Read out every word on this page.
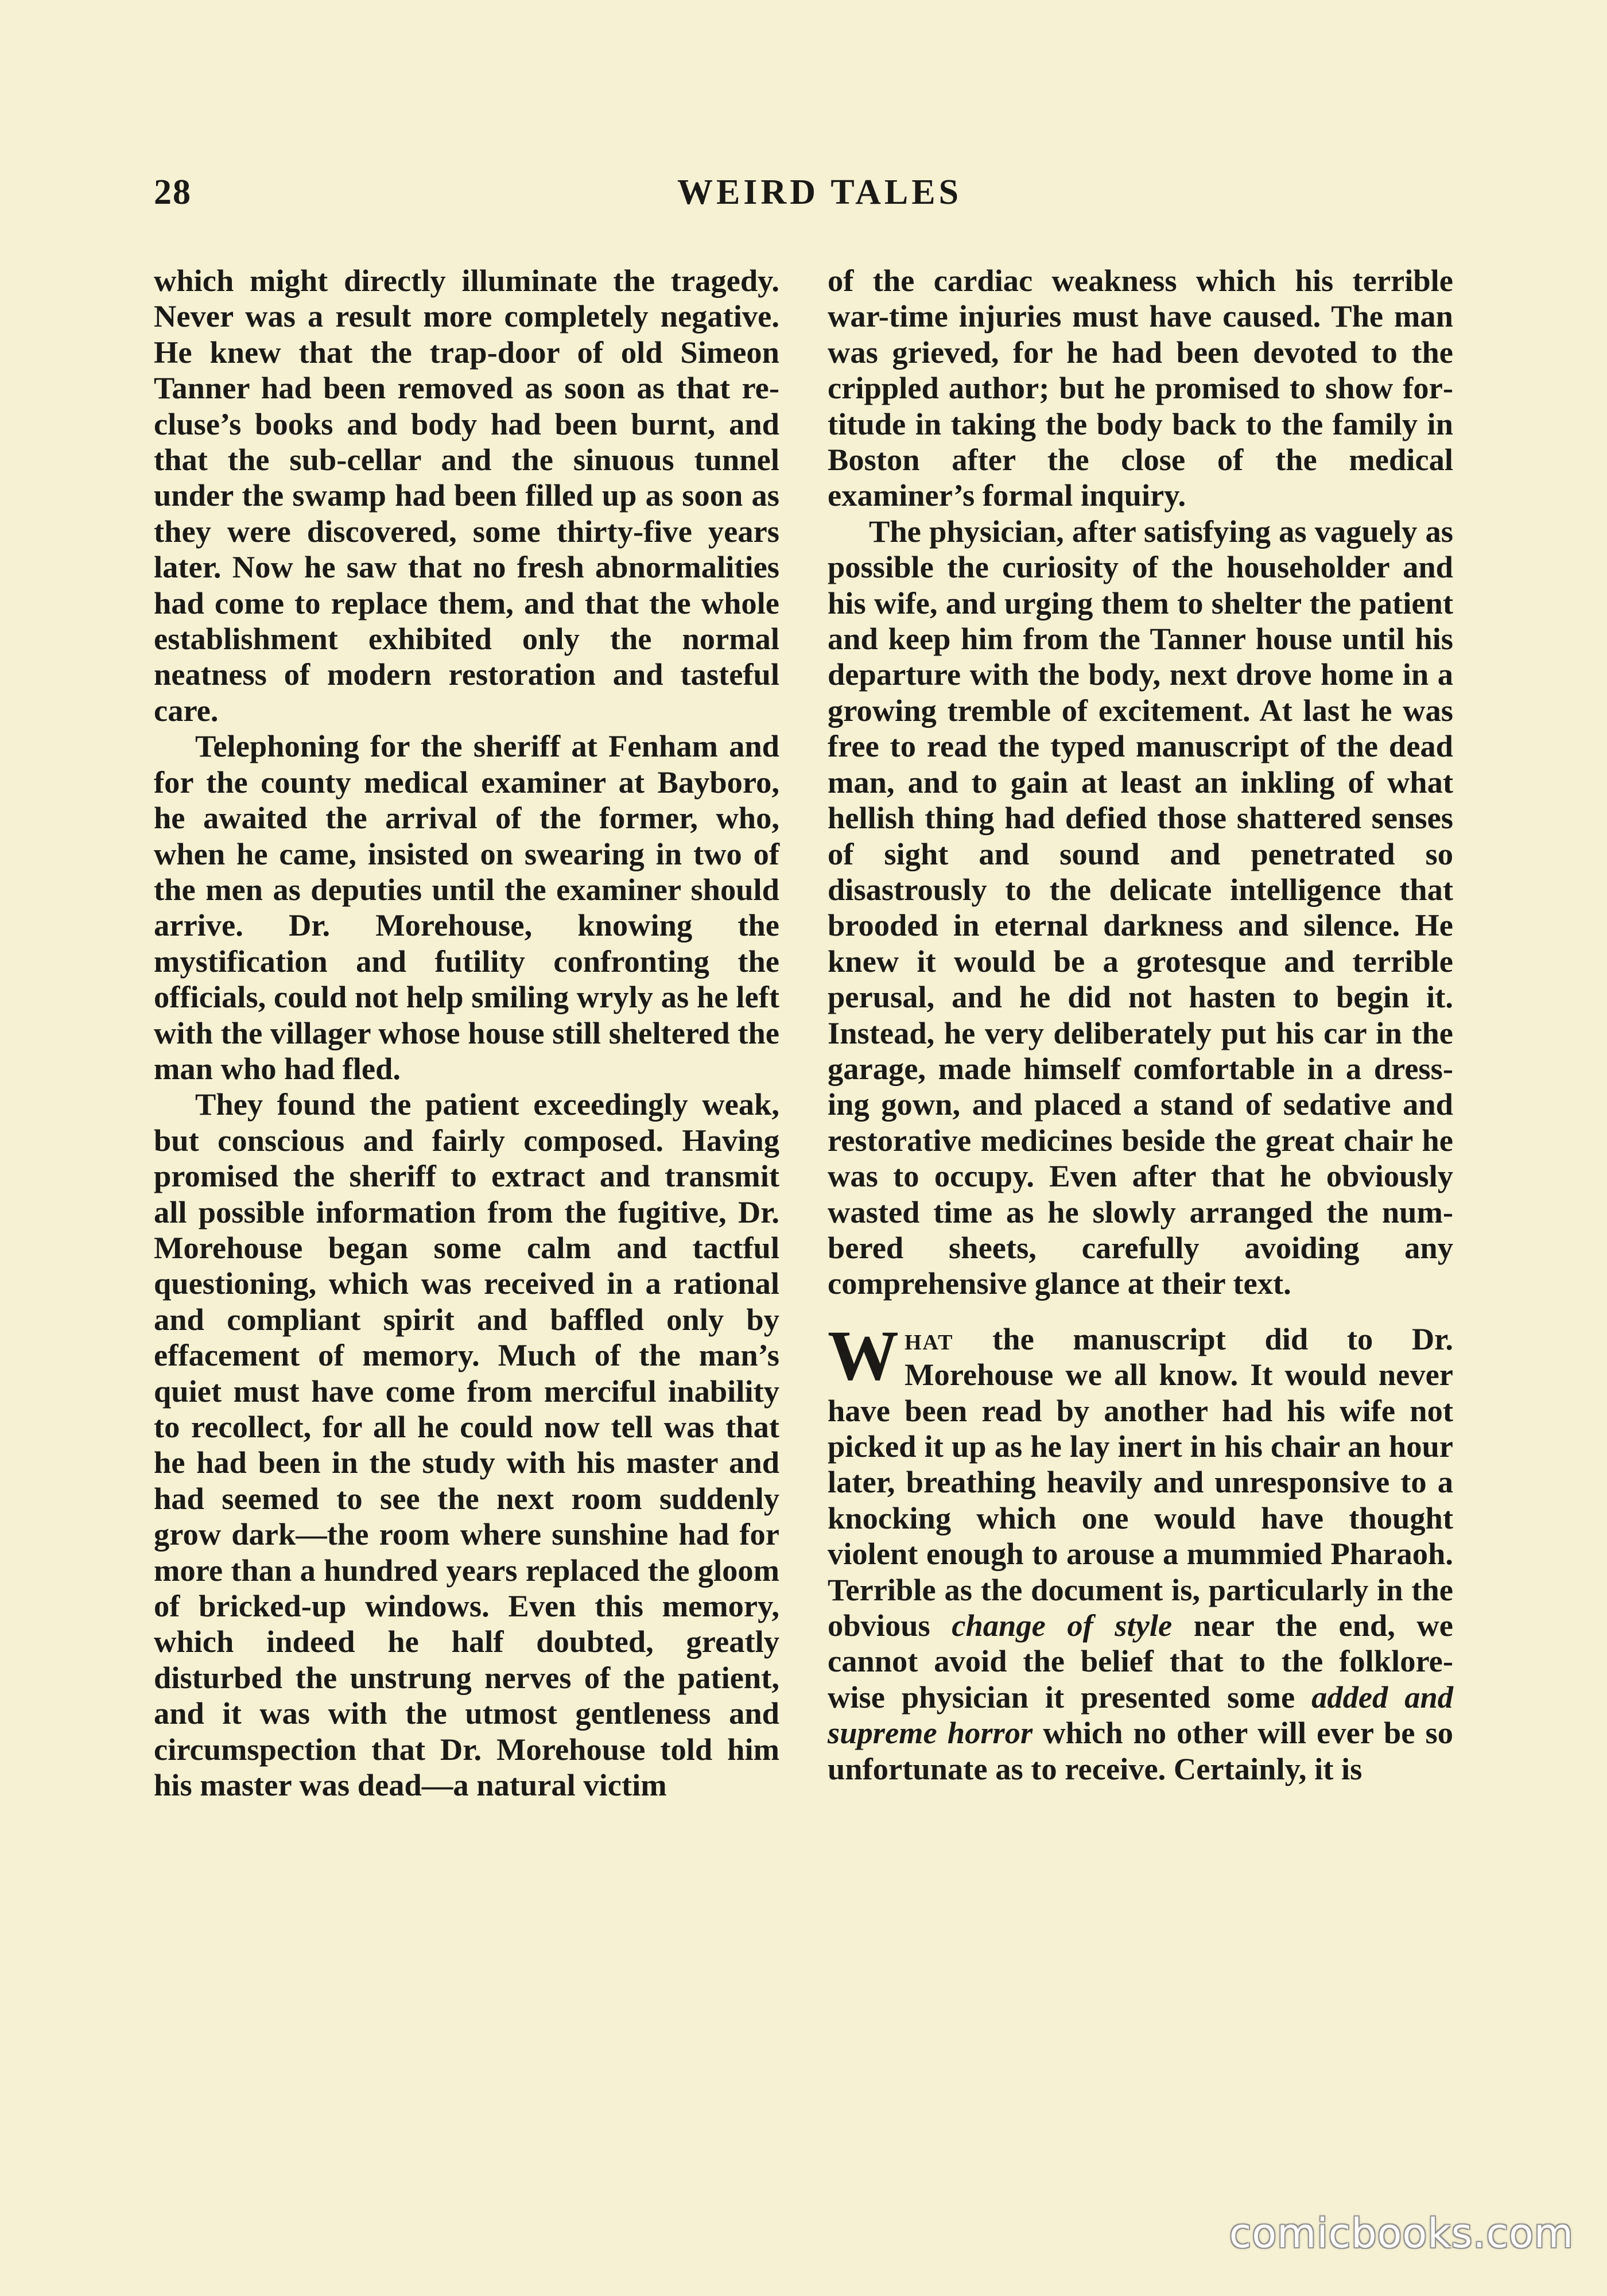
28	WEIRD TALES

which might directly illuminate the tragedy. Never was a result more completely negative. He knew that the trap-door of old Simeon Tanner had been removed as soon as that recluse’s books and body had been burnt, and that the sub-cellar and the sinuous tunnel under the swamp had been filled up as soon as they were discovered, some thirty-five years later. Now he saw that no fresh abnormalities had come to replace them, and that the whole establishment exhibited only the normal neatness of modern restoration and tasteful care.

Telephoning for the sheriff at Fenham and for the county medical examiner at Bayboro, he awaited the arrival of the former, who, when he came, insisted on swearing in two of the men as deputies until the examiner should arrive. Dr. Morehouse, knowing the mystification and futility confronting the officials, could not help smiling wryly as he left with the villager whose house still sheltered the man who had fled.

They found the patient exceedingly weak, but conscious and fairly composed. Having promised the sheriff to extract and transmit all possible information from the fugitive, Dr. Morehouse began some calm and tactful questioning, which was received in a rational and compliant spirit and baffled only by effacement of memory. Much of the man’s quiet must have come from merciful inability to recollect, for all he could now tell was that he had been in the study with his master and had seemed to see the next room suddenly grow dark—the room where sunshine had for more than a hundred years replaced the gloom of bricked-up windows. Even this memory, which indeed he half doubted, greatly disturbed the unstrung nerves of the patient, and it was with the utmost gentleness and circumspection that Dr. Morehouse told him his master was dead—a natural victim

of the cardiac weakness which his terrible war-time injuries must have caused. The man was grieved, for he had been devoted to the crippled author; but he promised to show fortitude in taking the body back to the family in Boston after the close of the medical examiner’s formal inquiry.

The physician, after satisfying as vaguely as possible the curiosity of the householder and his wife, and urging them to shelter the patient and keep him from the Tanner house until his departure with the body, next drove home in a growing tremble of excitement. At last he was free to read the typed manuscript of the dead man, and to gain at least an inkling of what hellish thing had defied those shattered senses of sight and sound and penetrated so disastrously to the delicate intelligence that brooded in eternal darkness and silence. He knew it would be a grotesque and terrible perusal, and he did not hasten to begin it. Instead, he very deliberately put his car in the garage, made himself comfortable in a dressing gown, and placed a stand of sedative and restorative medicines beside the great chair he was to occupy. Even after that he obviously wasted time as he slowly arranged the numbered sheets, carefully avoiding any comprehensive glance at their text.

What the manuscript did to Dr. Morehouse we all know. It would never have been read by another had his wife not picked it up as he lay inert in his chair an hour later, breathing heavily and unresponsive to a knocking which one would have thought violent enough to arouse a mummied Pharaoh. Terrible as the document is, particularly in the obvious change of style near the end, we cannot avoid the belief that to the folklore-wise physician it presented some added and supreme horror which no other will ever be so unfortunate as to receive. Certainly, it is

comicbooks.com
